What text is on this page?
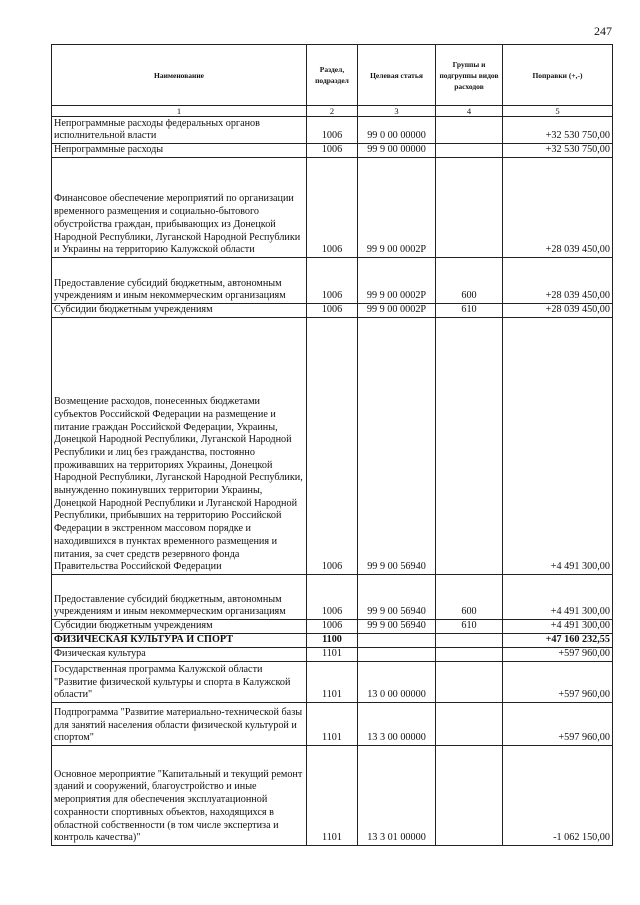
247
Наименование	Раздел, подраздел	Целевая статья	Группы и подгруппы видов расходов	Поправки (+,-)
1	2	3	4	5
Непрограммные расходы федеральных органов исполнительной власти	1006	99 0 00 00000		+32 530 750,00
Непрограммные расходы	1006	99 9 00 00000		+32 530 750,00
Финансовое обеспечение мероприятий по организации временного размещения и социально-бытового обустройства граждан, прибывающих из Донецкой Народной Республики, Луганской Народной Республики и Украины на территорию Калужской области	1006	99 9 00 0002Р		+28 039 450,00
Предоставление субсидий бюджетным, автономным учреждениям и иным некоммерческим организациям	1006	99 9 00 0002Р	600	+28 039 450,00
Субсидии бюджетным учреждениям	1006	99 9 00 0002Р	610	+28 039 450,00
Возмещение расходов, понесенных бюджетами субъектов Российской Федерации на размещение и питание граждан Российской Федерации, Украины, Донецкой Народной Республики, Луганской Народной Республики и лиц без гражданства, постоянно проживавших на территориях Украины, Донецкой Народной Республики, Луганской Народной Республики, вынужденно покинувших территории Украины, Донецкой Народной Республики и Луганской Народной Республики, прибывших на территорию Российской Федерации в экстренном массовом порядке и находившихся в пунктах временного размещения и питания, за счет средств резервного фонда Правительства Российской Федерации	1006	99 9 00 56940		+4 491 300,00
Предоставление субсидий бюджетным, автономным учреждениям и иным некоммерческим организациям	1006	99 9 00 56940	600	+4 491 300,00
Субсидии бюджетным учреждениям	1006	99 9 00 56940	610	+4 491 300,00
ФИЗИЧЕСКАЯ КУЛЬТУРА И СПОРТ	1100			+47 160 232,55
Физическая культура	1101			+597 960,00
Государственная программа Калужской области "Развитие физической культуры и спорта в Калужской области"	1101	13 0 00 00000		+597 960,00
Подпрограмма "Развитие материально-технической базы для занятий населения области физической культурой и спортом"	1101	13 3 00 00000		+597 960,00
Основное мероприятие "Капитальный и текущий ремонт зданий и сооружений, благоустройство и иные мероприятия для обеспечения эксплуатационной сохранности спортивных объектов, находящихся в областной собственности (в том числе экспертиза и контроль качества)"	1101	13 3 01 00000		-1 062 150,00
